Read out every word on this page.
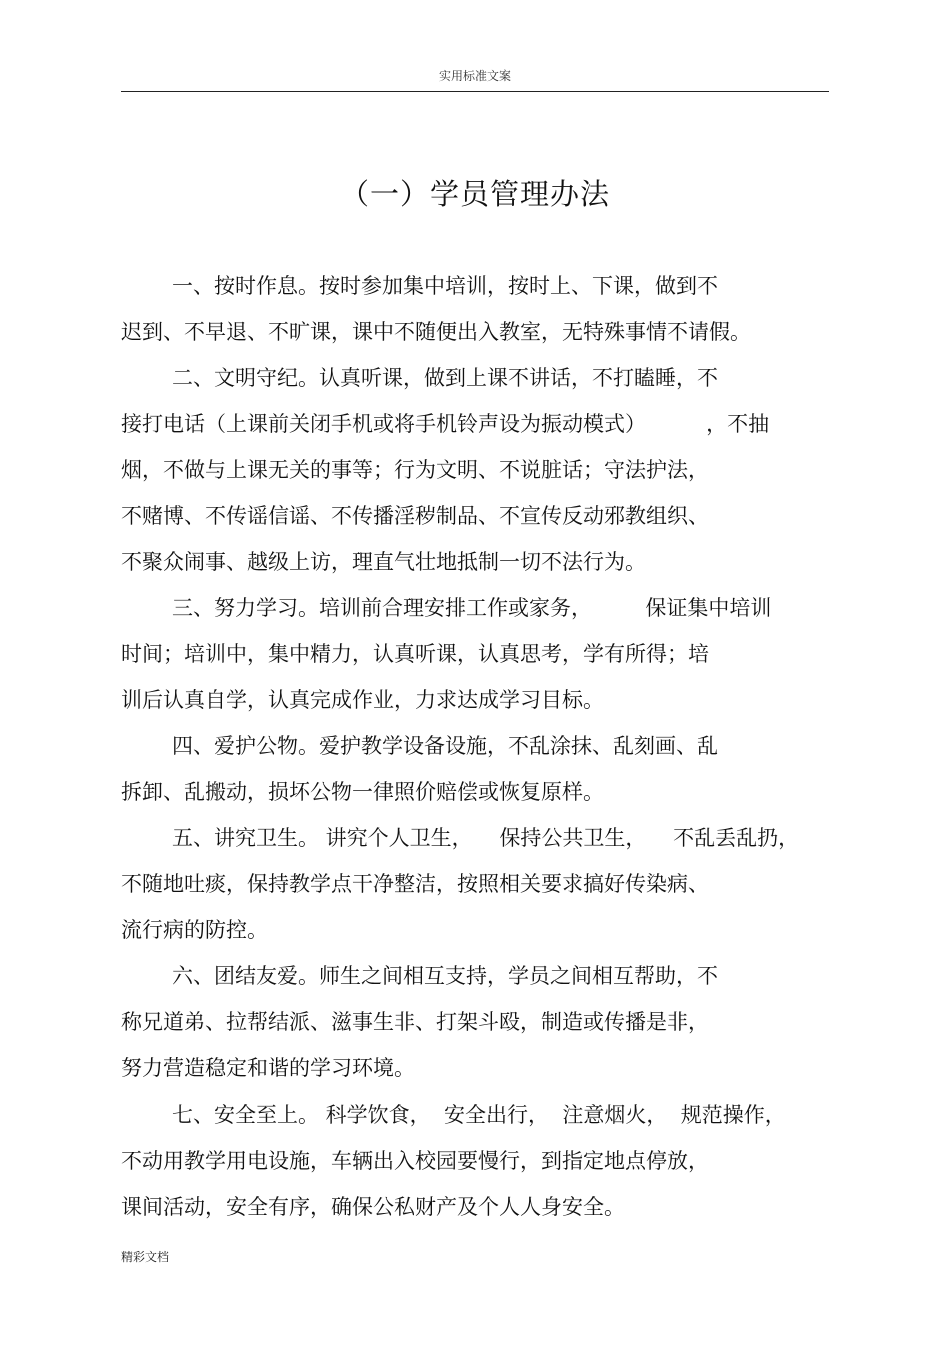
实用标准文案
（一）学员管理办法
一、按时作息。按时参加集中培训，按时上、下课，做到不
迟到、不早退、不旷课，课中不随便出入教室，无特殊事情不请假。
二、文明守纪。认真听课，做到上课不讲话，不打瞌睡，不
接打电话（上课前关闭手机或将手机铃声设为振动模式）         ，不抽
烟，不做与上课无关的事等；行为文明、不说脏话；守法护法，
不赌博、不传谣信谣、不传播淫秽制品、不宣传反动邪教组织、
不聚众闹事、越级上访，理直气壮地抵制一切不法行为。
三、努力学习。培训前合理安排工作或家务，        保证集中培训
时间；培训中，集中精力，认真听课，认真思考，学有所得；培
训后认真自学，认真完成作业，力求达成学习目标。
四、爱护公物。爱护教学设备设施，不乱涂抹、乱刻画、乱
拆卸、乱搬动，损坏公物一律照价赔偿或恢复原样。
五、讲究卫生。 讲究个人卫生，    保持公共卫生，    不乱丢乱扔，
不随地吐痰，保持教学点干净整洁，按照相关要求搞好传染病、
流行病的防控。
六、团结友爱。师生之间相互支持，学员之间相互帮助，不
称兄道弟、拉帮结派、滋事生非、打架斗殴，制造或传播是非，
努力营造稳定和谐的学习环境。
七、安全至上。 科学饮食，  安全出行，  注意烟火，  规范操作，
不动用教学用电设施，车辆出入校园要慢行，到指定地点停放，
课间活动，安全有序，确保公私财产及个人人身安全。
精彩文档
